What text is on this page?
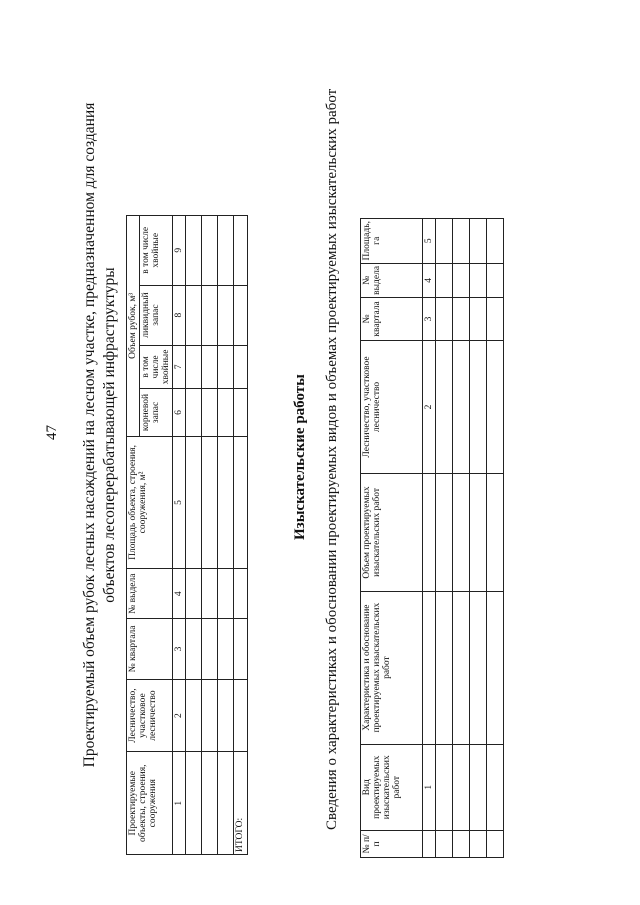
47 Проектируемый объем рубок лесных насаждений на лесном участке, предназначенном для создания объектов лесоперерабатывающей инфраструктуры
Проектируемые объекты, строения, сооружения	Лесничество, участковое лесничество	№ квартала	№ выдела	Площадь объекта, строения, сооружения, м²	Объем рубок, м³			
					корневой запас	в том числе хвойные	ликвидный запас	в том числе хвойные
1	2	3	4	5	6	7	8	9

ИТОГО:								
Изыскательские работы Сведения о характеристиках и обосновании проектируемых видов и объемах проектируемых изыскательских работ
№ п/п	Вид проектируемых изыскательских работ	Характеристика и обоснование проектируемых изыскательских работ	Объем проектируемых изыскательских работ	Лесничество, участковое лесничество	№ квартала	№ выдела	Площадь, га
	1			2	3	4	5
